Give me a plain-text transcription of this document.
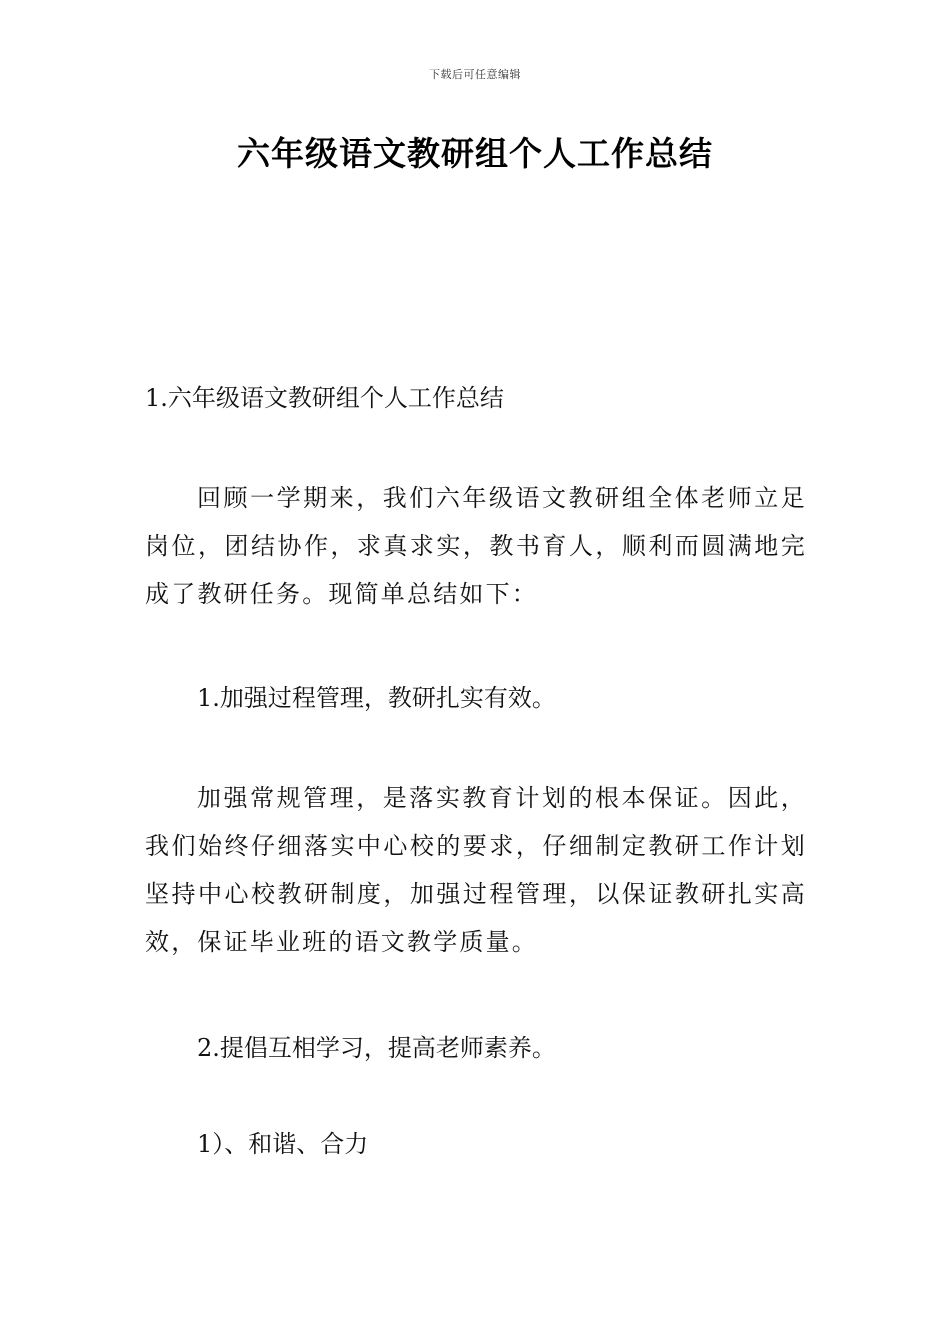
下载后可任意编辑
六年级语文教研组个人工作总结
1.六年级语文教研组个人工作总结

回顾一学期来，我们六年级语文教研组全体老师立足岗位，团结协作，求真求实，教书育人，顺利而圆满地完成了教研任务。现简单总结如下：

1.加强过程管理，教研扎实有效。

加强常规管理，是落实教育计划的根本保证。因此，我们始终仔细落实中心校的要求，仔细制定教研工作计划坚持中心校教研制度，加强过程管理，以保证教研扎实高效，保证毕业班的语文教学质量。

2.提倡互相学习，提高老师素养。
1）、和谐、合力
